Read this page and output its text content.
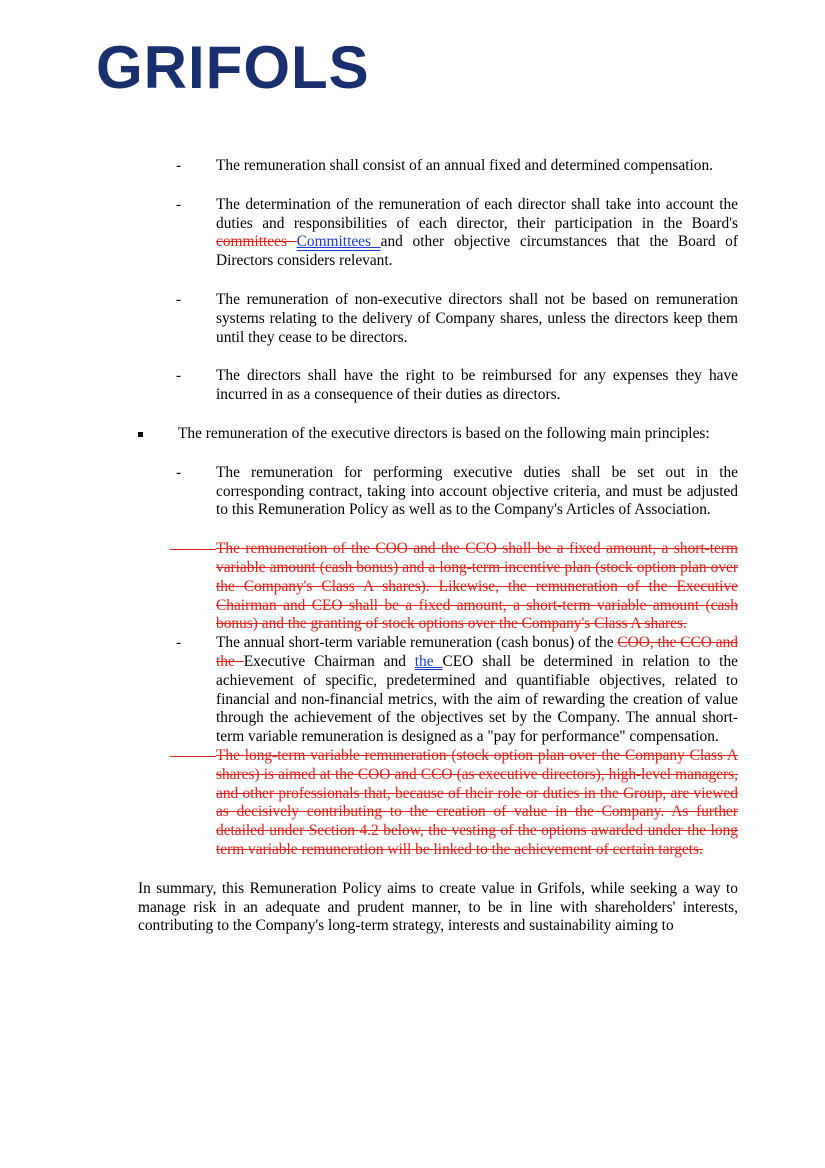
GRIFOLS
- The remuneration shall consist of an annual fixed and determined compensation.
- The determination of the remuneration of each director shall take into account the duties and responsibilities of each director, their participation in the Board's committees Committees and other objective circumstances that the Board of Directors considers relevant.
- The remuneration of non-executive directors shall not be based on remuneration systems relating to the delivery of Company shares, unless the directors keep them until they cease to be directors.
- The directors shall have the right to be reimbursed for any expenses they have incurred in as a consequence of their duties as directors.
The remuneration of the executive directors is based on the following main principles:
- The remuneration for performing executive duties shall be set out in the corresponding contract, taking into account objective criteria, and must be adjusted to this Remuneration Policy as well as to the Company's Articles of Association.
The remuneration of the COO and the CCO shall be a fixed amount, a short-term variable amount (cash bonus) and a long-term incentive plan (stock option plan over the Company's Class A shares). Likewise, the remuneration of the Executive Chairman and CEO shall be a fixed amount, a short-term variable amount (cash bonus) and the granting of stock options over the Company's Class A shares.
- The annual short-term variable remuneration (cash bonus) of the COO, the CCO and the Executive Chairman and the CEO shall be determined in relation to the achievement of specific, predetermined and quantifiable objectives, related to financial and non-financial metrics, with the aim of rewarding the creation of value through the achievement of the objectives set by the Company. The annual short-term variable remuneration is designed as a "pay for performance" compensation.
The long-term variable remuneration (stock option plan over the Company Class A shares) is aimed at the COO and CCO (as executive directors), high-level managers, and other professionals that, because of their role or duties in the Group, are viewed as decisively contributing to the creation of value in the Company. As further detailed under Section 4.2 below, the vesting of the options awarded under the long term variable remuneration will be linked to the achievement of certain targets.

In summary, this Remuneration Policy aims to create value in Grifols, while seeking a way to manage risk in an adequate and prudent manner, to be in line with shareholders' interests, contributing to the Company's long-term strategy, interests and sustainability aiming to
